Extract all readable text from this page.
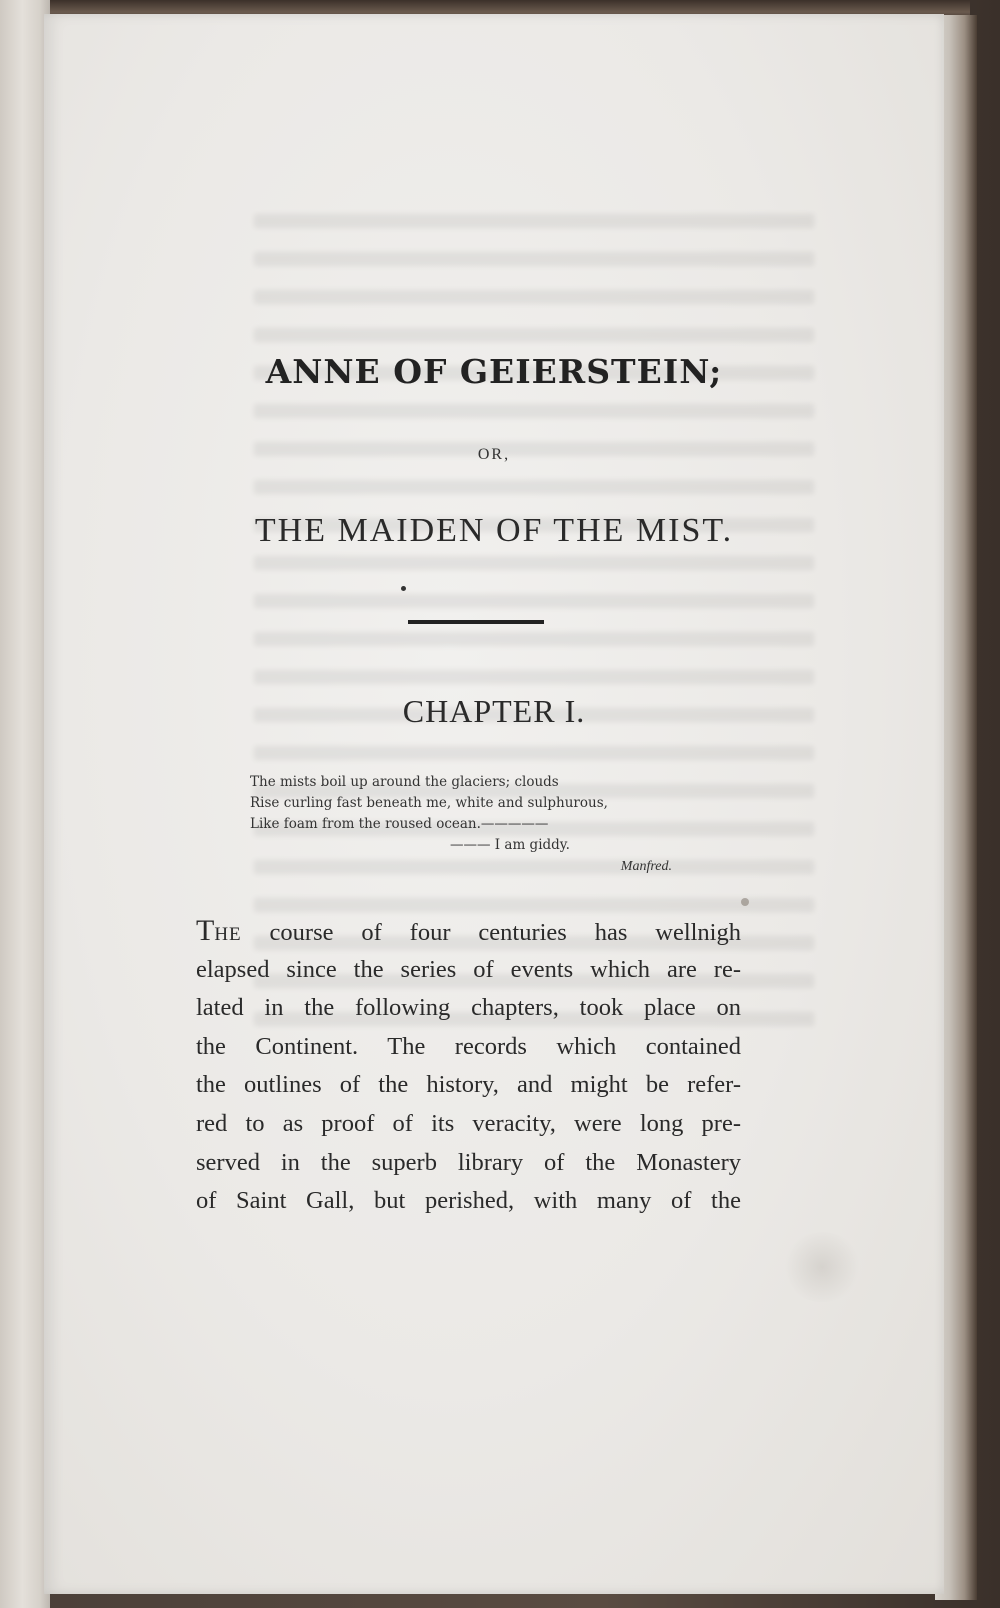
ANNE OF GEIERSTEIN;
OR,
THE MAIDEN OF THE MIST.
CHAPTER I.
The mists boil up around the glaciers; clouds
Rise curling fast beneath me, white and sulphurous,
Like foam from the roused ocean.—————
——— I am giddy.
Manfred.
THE course of four centuries has wellnigh
elapsed since the series of events which are re-
lated in the following chapters, took place on
the Continent. The records which contained
the outlines of the history, and might be refer-
red to as proof of its veracity, were long pre-
served in the superb library of the Monastery
of Saint Gall, but perished, with many of the
